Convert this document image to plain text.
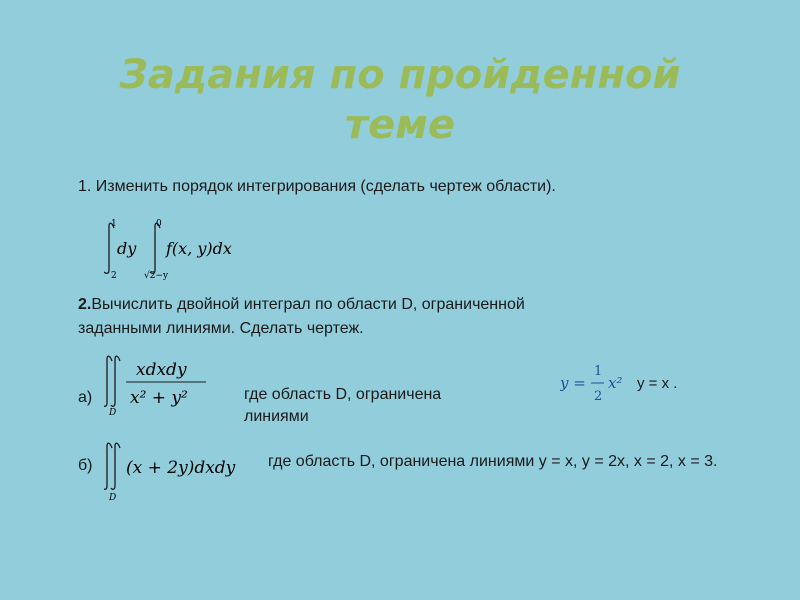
Задания по пройденной
теме
1. Изменить порядок интегрирования (сделать чертеж области).
1
2
dy
0
√2−y
f(x, y)dx
2.Вычислить двойной интеграл по области D, ограниченной
заданными линиями. Сделать чертеж.
а)
D
xdxdy
x² + y²	где область D, ограничена
линиями
y =
1
2
x² y = x .
б)
D
(x + 2y)dxdy где область D, ограничена линиями y = x, y = 2x, x = 2, x = 3.
